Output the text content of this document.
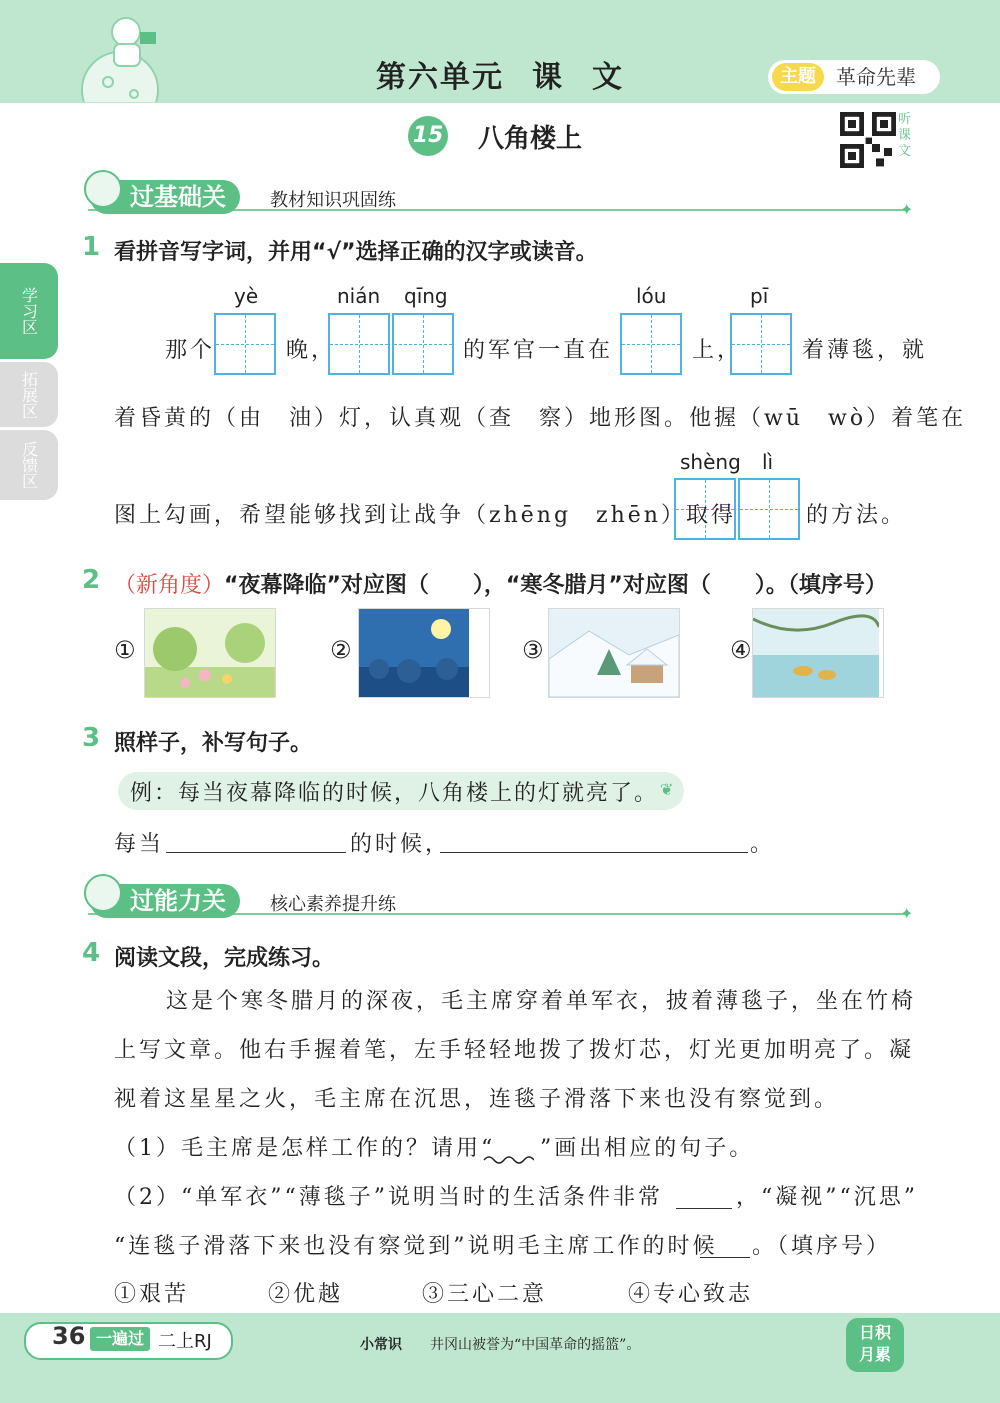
第六单元 课 文	主题	革命先辈
15 八角楼上
听课文
学习区
拓展区
反馈区
过基础关	教材知识巩固练	✦
1 看拼音写字词，并用“√”选择正确的汉字或读音。
yè	nián qīng	lóu	pī
那个	晚，	的军官一直在	上，	着薄毯，就
着昏黄的（由　油）灯，认真观（查　察）地形图。他握（wū　wò）着笔在
shèng lì
图上勾画，希望能够找到让战争（zhēng　zhēn）取得	的方法。
2 （新角度）“夜幕降临”对应图（　　），“寒冬腊月”对应图（　　）。（填序号）
①	②	③	④
3 照样子，补写句子。
例：每当夜幕降临的时候，八角楼上的灯就亮了。 ❦
每当	的时候，	。
过能力关	核心素养提升练	✦
4 阅读文段，完成练习。
这是个寒冬腊月的深夜，毛主席穿着单军衣，披着薄毯子，坐在竹椅
上写文章。他右手握着笔，左手轻轻地拨了拨灯芯，灯光更加明亮了。凝
视着这星星之火，毛主席在沉思，连毯子滑落下来也没有察觉到。
（1）毛主席是怎样工作的？请用“ ”画出相应的句子。
（2）“单军衣”“薄毯子”说明当时的生活条件非常	，“凝视”“沉思”
“连毯子滑落下来也没有察觉到”说明毛主席工作的时候 。（填序号）
①艰苦	②优越	③三心二意	④专心致志
36 一遍过 二上RJ	小常识 井冈山被誉为“中国革命的摇篮”。
日积
月累
